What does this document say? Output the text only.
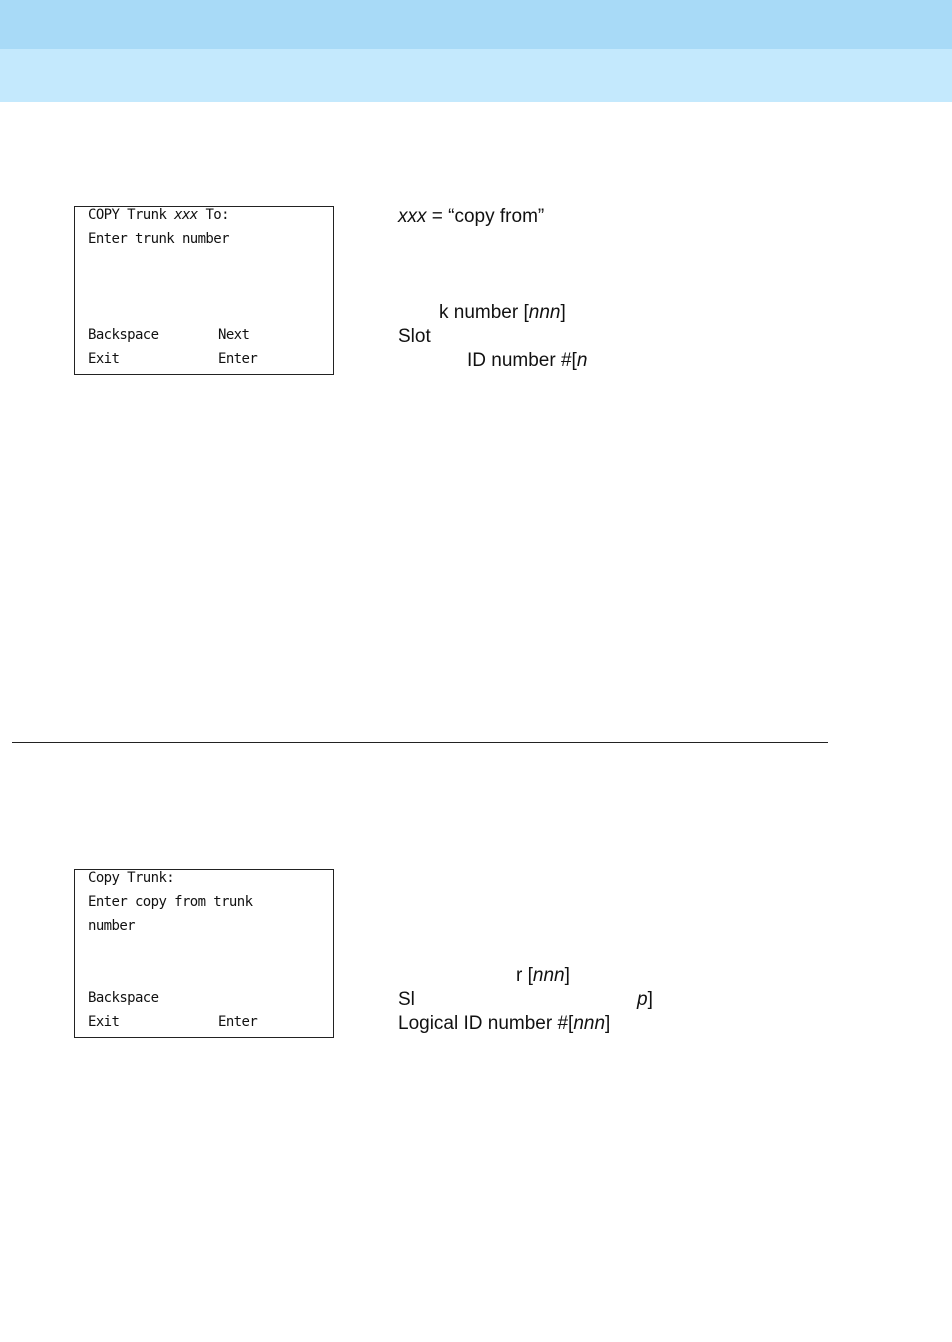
COPY Trunk xxx To:
Enter trunk number
Backspace	Next
Exit	Enter
xxx = “copy from”
k number [nnn]
Slot
ID number #[n
Copy Trunk:
Enter copy from trunk
number
Backspace
Exit	Enter
r [nnn]
Sl	p]
Logical ID number #[nnn]
